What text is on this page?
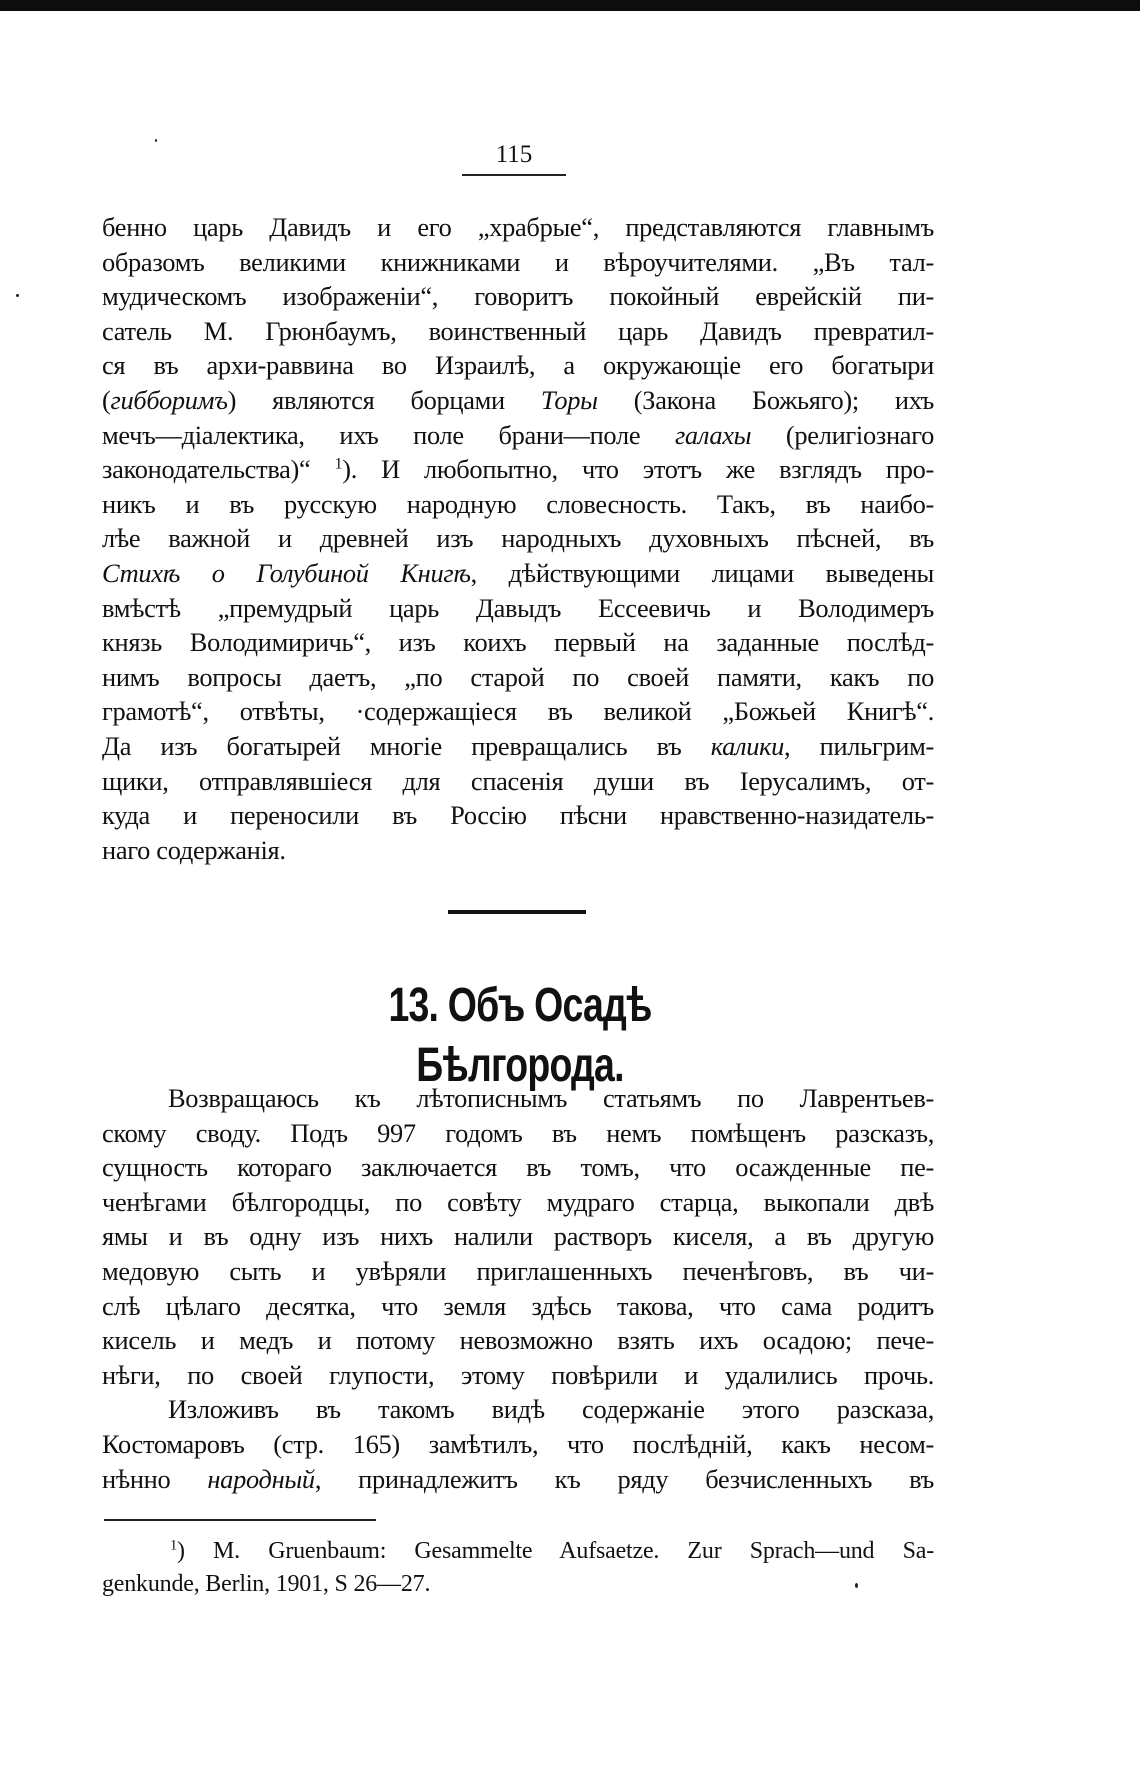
115
бенно царь Давидъ и его „храбрые“, представляются главнымъ
образомъ великими книжниками и вѣроучителями. „Въ тал-
мудическомъ изображеніи“, говоритъ покойный еврейскій пи-
сатель М. Грюнбаумъ, воинственный царь Давидъ превратил-
ся въ архи-раввина во Израилѣ, а окружающіе его богатыри
(гибборимъ) являются борцами Торы (Закона Божьяго); ихъ
мечъ—діалектика, ихъ поле брани—поле галахы (религіознаго
законодательства)“ $^1$). И любопытно, что этотъ же взглядъ про-
никъ и въ русскую народную словесность. Такъ, въ наибо-
лѣе важной и древней изъ народныхъ духовныхъ пѣсней, въ
Стихѣ о Голубиной Книгѣ, дѣйствующими лицами выведены
вмѣстѣ „премудрый царь Давыдъ Ессеевичь и Володимеръ
князь Володимиричь“, изъ коихъ первый на заданные послѣд-
нимъ вопросы даетъ, „по старой по своей памяти, какъ по
грамотѣ“, отвѣты, ·содержащіеся въ великой „Божьей Книгѣ“.
Да изъ богатырей многіе превращались въ калики, пильгрим-
щики, отправлявшіеся для спасенія души въ Іерусалимъ, от-
куда и переносили въ Россію пѣсни нравственно-назидатель-
наго содержанія.
13. Объ Осадѣ Бѣлгорода.
Возвращаюсь къ лѣтописнымъ статьямъ по Лаврентьев-
скому своду. Подъ 997 годомъ въ немъ помѣщенъ разсказъ,
сущность котораго заключается въ томъ, что осажденные пе-
ченѣгами бѣлгородцы, по совѣту мудраго старца, выкопали двѣ
ямы и въ одну изъ нихъ налили растворъ киселя, а въ другую
медовую сыть и увѣряли приглашенныхъ печенѣговъ, въ чи-
слѣ цѣлаго десятка, что земля здѣсь такова, что сама родитъ
кисель и медъ и потому невозможно взять ихъ осадою; пече-
нѣги, по своей глупости, этому повѣрили и удалились прочь.
Изложивъ въ такомъ видѣ содержаніе этого разсказа,
Костомаровъ (стр. 165) замѣтилъ, что послѣдній, какъ несом-
нѣнно народный, принадлежитъ къ ряду безчисленныхъ въ
$^1$) M. Gruenbaum: Gesammelte Aufsaetze. Zur Sprach—und Sa-
genkunde, Berlin, 1901, S 26—27.
